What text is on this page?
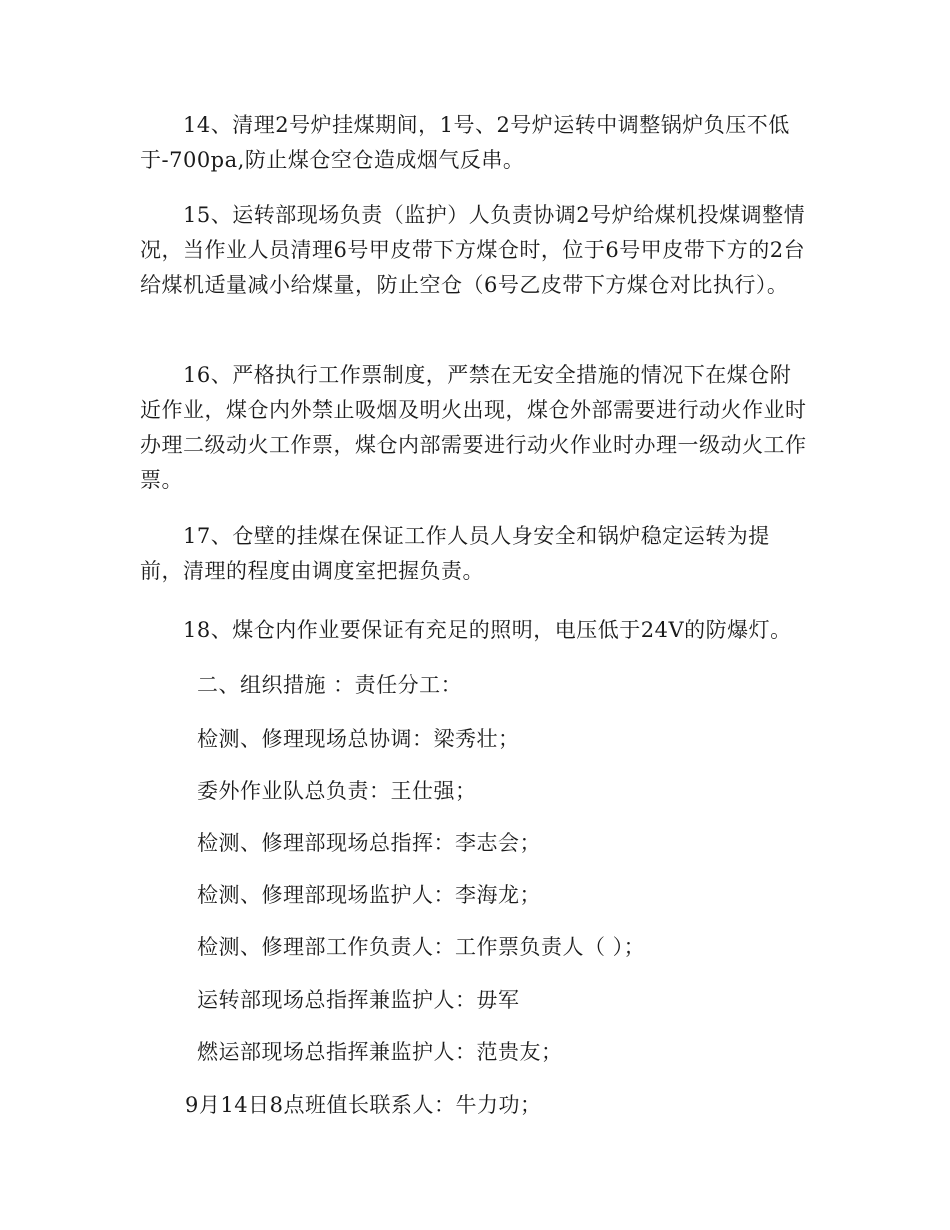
14、清理2号炉挂煤期间，1号、2号炉运转中调整锅炉负压不低于-700pa,防止煤仓空仓造成烟气反串。

15、运转部现场负责（监护）人负责协调2号炉给煤机投煤调整情况，当作业人员清理6号甲皮带下方煤仓时，位于6号甲皮带下方的2台给煤机适量减小给煤量，防止空仓（6号乙皮带下方煤仓对比执行）。

16、严格执行工作票制度，严禁在无安全措施的情况下在煤仓附近作业，煤仓内外禁止吸烟及明火出现，煤仓外部需要进行动火作业时办理二级动火工作票，煤仓内部需要进行动火作业时办理一级动火工作票。

17、仓壁的挂煤在保证工作人员人身安全和锅炉稳定运转为提前，清理的程度由调度室把握负责。

18、煤仓内作业要保证有充足的照明，电压低于24V的防爆灯。

二、组织措施 ：责任分工：

检测、修理现场总协调：梁秀壮；

委外作业队总负责：王仕强；

检测、修理部现场总指挥：李志会；

检测、修理部现场监护人：李海龙；

检测、修理部工作负责人：工作票负责人（ ）；

运转部现场总指挥兼监护人：毋军

燃运部现场总指挥兼监护人：范贵友；

9月14日8点班值长联系人：牛力功；
